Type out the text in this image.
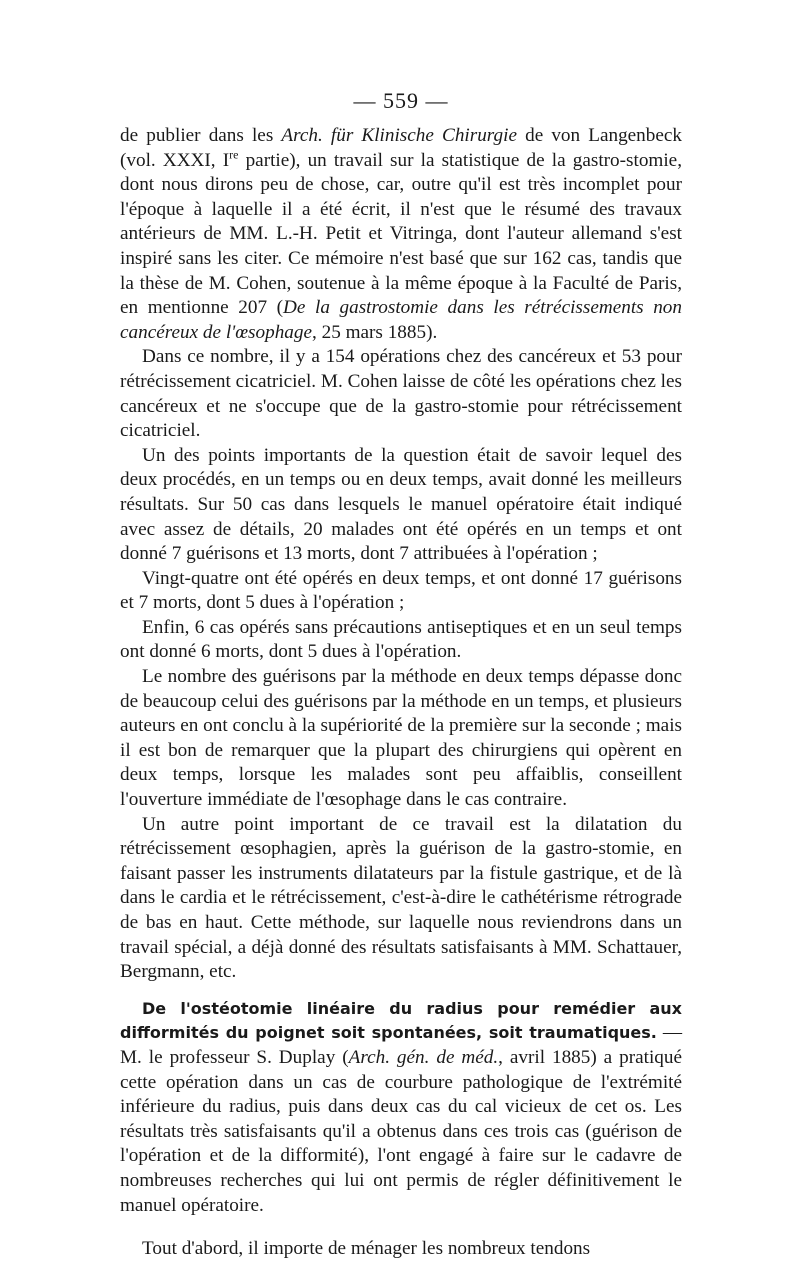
— 559 —

de publier dans les Arch. für Klinische Chirurgie de von Langenbeck (vol. XXXI, Ire partie), un travail sur la statistique de la gastro-stomie, dont nous dirons peu de chose, car, outre qu'il est très incomplet pour l'époque à laquelle il a été écrit, il n'est que le résumé des travaux antérieurs de MM. L.-H. Petit et Vitringa, dont l'auteur allemand s'est inspiré sans les citer. Ce mémoire n'est basé que sur 162 cas, tandis que la thèse de M. Cohen, soutenue à la même époque à la Faculté de Paris, en mentionne 207 (De la gastrostomie dans les rétrécissements non cancéreux de l'œsophage, 25 mars 1885).

Dans ce nombre, il y a 154 opérations chez des cancéreux et 53 pour rétrécissement cicatriciel. M. Cohen laisse de côté les opérations chez les cancéreux et ne s'occupe que de la gastro-stomie pour rétrécissement cicatriciel.

Un des points importants de la question était de savoir lequel des deux procédés, en un temps ou en deux temps, avait donné les meilleurs résultats. Sur 50 cas dans lesquels le manuel opératoire était indiqué avec assez de détails, 20 malades ont été opérés en un temps et ont donné 7 guérisons et 13 morts, dont 7 attribuées à l'opération ;

Vingt-quatre ont été opérés en deux temps, et ont donné 17 guérisons et 7 morts, dont 5 dues à l'opération ;

Enfin, 6 cas opérés sans précautions antiseptiques et en un seul temps ont donné 6 morts, dont 5 dues à l'opération.

Le nombre des guérisons par la méthode en deux temps dépasse donc de beaucoup celui des guérisons par la méthode en un temps, et plusieurs auteurs en ont conclu à la supériorité de la première sur la seconde ; mais il est bon de remarquer que la plupart des chirurgiens qui opèrent en deux temps, lorsque les malades sont peu affaiblis, conseillent l'ouverture immédiate de l'œsophage dans le cas contraire.

Un autre point important de ce travail est la dilatation du rétrécissement œsophagien, après la guérison de la gastro-stomie, en faisant passer les instruments dilatateurs par la fistule gastrique, et de là dans le cardia et le rétrécissement, c'est-à-dire le cathétérisme rétrograde de bas en haut. Cette méthode, sur laquelle nous reviendrons dans un travail spécial, a déjà donné des résultats satisfaisants à MM. Schattauer, Bergmann, etc.

De l'ostéotomie linéaire du radius pour remédier aux difformités du poignet soit spontanées, soit traumatiques. — M. le professeur S. Duplay (Arch. gén. de méd., avril 1885) a pratiqué cette opération dans un cas de courbure pathologique de l'extrémité inférieure du radius, puis dans deux cas du cal vicieux de cet os. Les résultats très satisfaisants qu'il a obtenus dans ces trois cas (guérison de l'opération et de la difformité), l'ont engagé à faire sur le cadavre de nombreuses recherches qui lui ont permis de régler définitivement le manuel opératoire.

Tout d'abord, il importe de ménager les nombreux tendons
